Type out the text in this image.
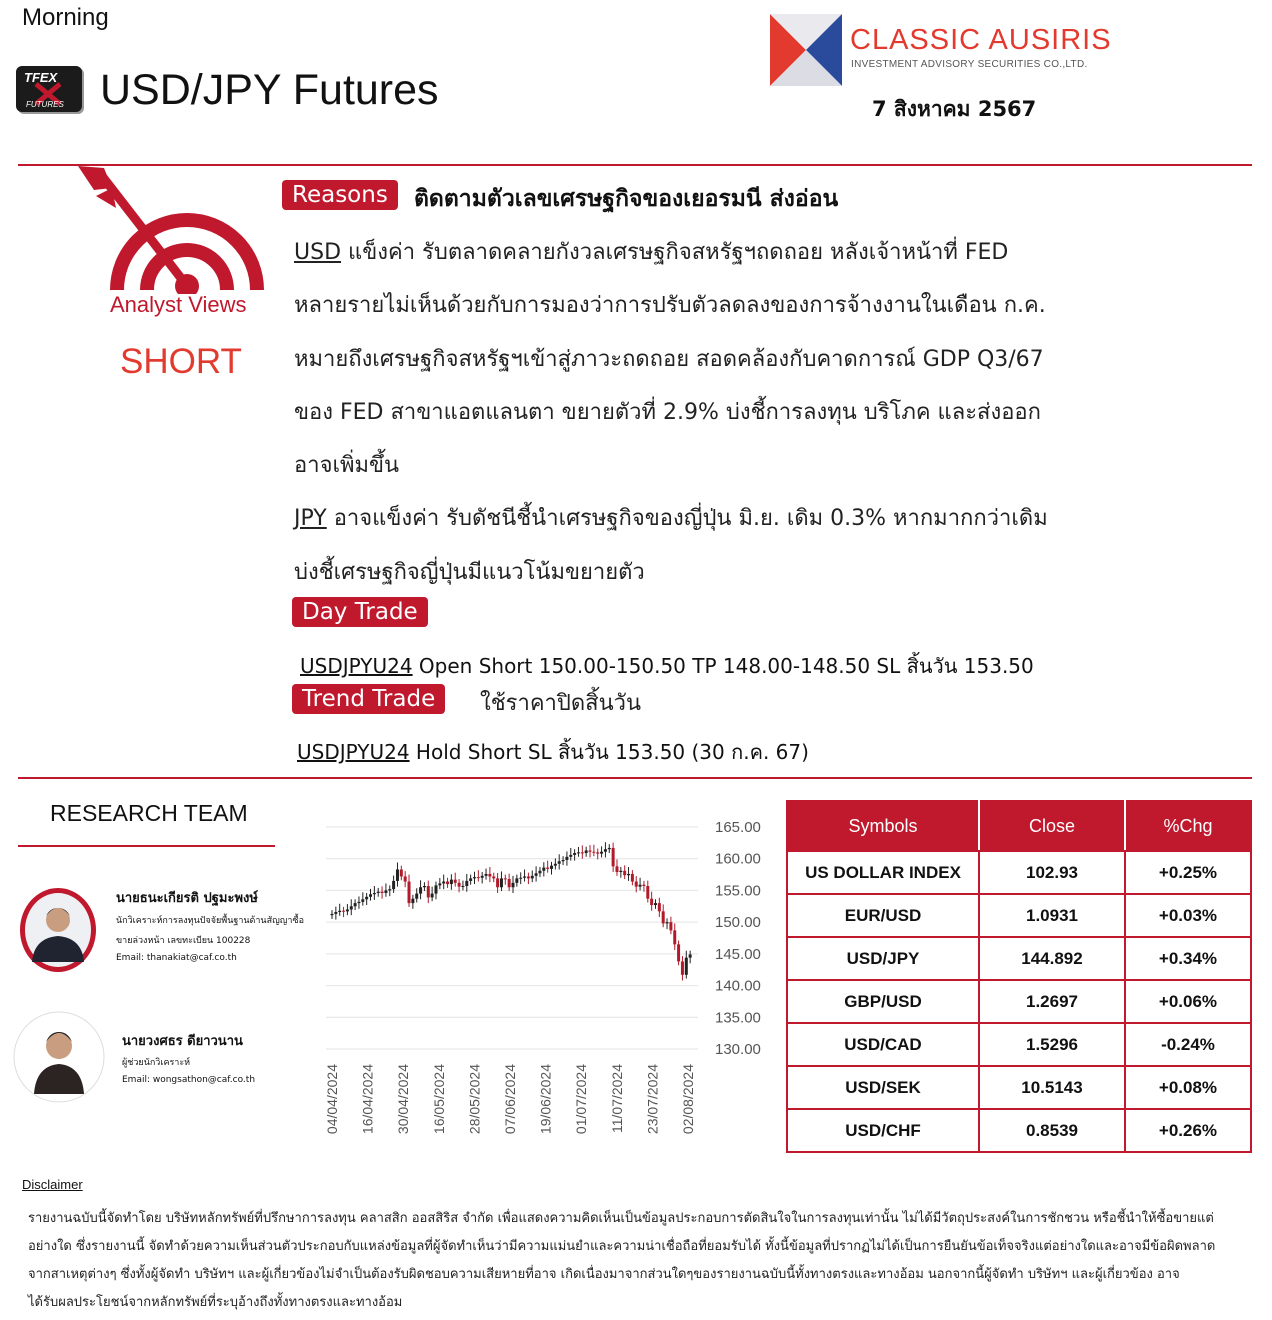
Morning
TFEX
FUTURES USD/JPY Futures
CLASSIC AUSIRIS
INVESTMENT ADVISORY SECURITIES CO.,LTD.
7 สิงหาคม 2567
Analyst Views
SHORT
Reasons	ติดตามตัวเลขเศรษฐกิจของเยอรมนี ส่งอ่อน
USD แข็งค่า รับตลาดคลายกังวลเศรษฐกิจสหรัฐฯถดถอย หลังเจ้าหน้าที่ FED
หลายรายไม่เห็นด้วยกับการมองว่าการปรับตัวลดลงของการจ้างงานในเดือน ก.ค.
หมายถึงเศรษฐกิจสหรัฐฯเข้าสู่ภาวะถดถอย สอดคล้องกับคาดการณ์ GDP Q3/67
ของ FED สาขาแอตแลนตา ขยายตัวที่ 2.9% บ่งชี้การลงทุน บริโภค และส่งออก
อาจเพิ่มขึ้น
JPY อาจแข็งค่า รับดัชนีชี้นำเศรษฐกิจของญี่ปุ่น มิ.ย. เดิม 0.3% หากมากกว่าเดิม
บ่งชี้เศรษฐกิจญี่ปุ่นมีแนวโน้มขยายตัว
Day Trade
USDJPYU24 Open Short 150.00-150.50 TP 148.00-148.50 SL สิ้นวัน 153.50
Trend Trade	ใช้ราคาปิดสิ้นวัน
USDJPYU24 Hold Short SL สิ้นวัน 153.50 (30 ก.ค. 67)
RESEARCH TEAM
นายธนะเกียรติ ปฐมะพงษ์
นักวิเคราะห์การลงทุนปัจจัยพื้นฐานด้านสัญญาซื้อ
ขายล่วงหน้า เลขทะเบียน 100228
Email: thanakiat@caf.co.th
นายวงศธร ดียาวนาน
ผู้ช่วยนักวิเคราะห์
Email: wongsathon@caf.co.th
165.00
160.00
155.00
150.00
145.00
140.00
135.00
130.00
04/04/2024 16/04/2024 30/04/2024 16/05/2024 28/05/2024 07/06/2024 19/06/2024 01/07/2024 11/07/2024 23/07/2024 02/08/2024
Symbols	Close	%Chg
US DOLLAR INDEX	102.93	+0.25%
EUR/USD	1.0931	+0.03%
USD/JPY	144.892	+0.34%
GBP/USD	1.2697	+0.06%
USD/CAD	1.5296	-0.24%
USD/SEK	10.5143	+0.08%
USD/CHF	0.8539	+0.26%
Disclaimer
รายงานฉบับนี้จัดทำโดย บริษัทหลักทรัพย์ที่ปรึกษาการลงทุน คลาสสิก ออสสิริส จำกัด เพื่อแสดงความคิดเห็นเป็นข้อมูลประกอบการตัดสินใจในการลงทุนเท่านั้น ไม่ได้มีวัตถุประสงค์ในการชักชวน หรือชี้นำให้ซื้อขายแต่
อย่างใด ซึ่งรายงานนี้ จัดทำด้วยความเห็นส่วนตัวประกอบกับแหล่งข้อมูลที่ผู้จัดทำเห็นว่ามีความแม่นยำและความน่าเชื่อถือที่ยอมรับได้ ทั้งนี้ข้อมูลที่ปรากฏไม่ได้เป็นการยืนยันข้อเท็จจริงแต่อย่างใดและอาจมีข้อผิดพลาด
จากสาเหตุต่างๆ ซึ่งทั้งผู้จัดทำ บริษัทฯ และผู้เกี่ยวข้องไม่จำเป็นต้องรับผิดชอบความเสียหายที่อาจ เกิดเนื่องมาจากส่วนใดๆของรายงานฉบับนี้ทั้งทางตรงและทางอ้อม นอกจากนี้ผู้จัดทำ บริษัทฯ และผู้เกี่ยวข้อง อาจ
ได้รับผลประโยชน์จากหลักทรัพย์ที่ระบุอ้างถึงทั้งทางตรงและทางอ้อม
